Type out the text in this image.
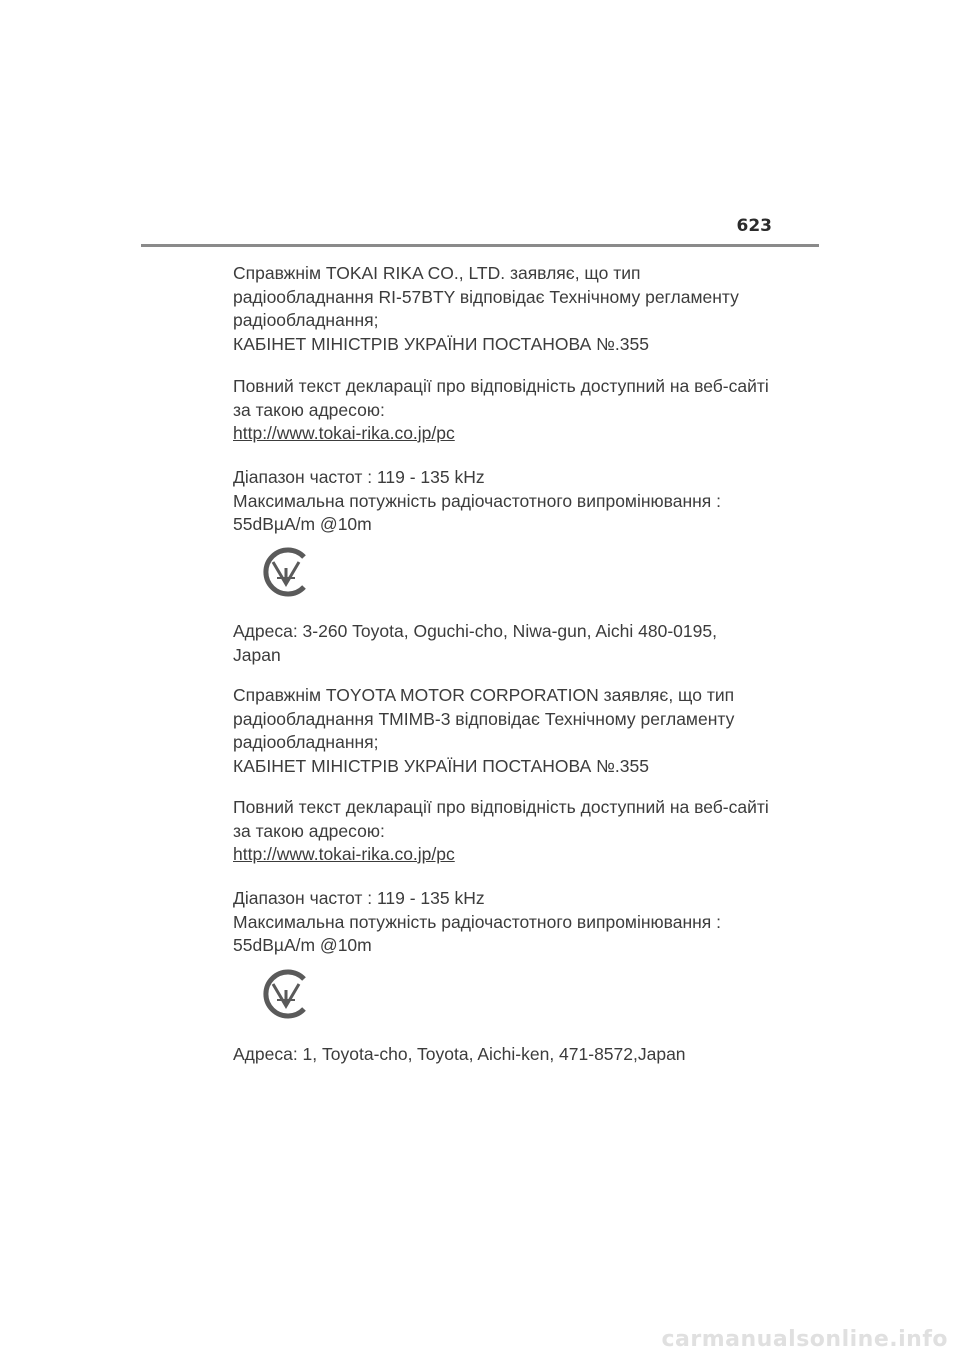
623
Справжнім TOKAI RIKA CO., LTD. заявляє, що тип
радіообладнання RI-57BTY відповідає Технічному регламенту
радіообладнання;
КАБІНЕТ МІНІСТРІВ УКРАЇНИ ПОСТАНОВА №.355
Повний текст декларації про відповідність доступний на веб-сайті
за такою адресою:
http://www.tokai-rika.co.jp/pc
Діапазон частот : 119 - 135 kHz
Максимальна потужність радіочастотного випромінювання :
55dBµA/m @10m
Адреса: 3-260 Toyota, Oguchi-cho, Niwa-gun, Aichi 480-0195,
Japan
Справжнім TOYOTA MOTOR CORPORATION заявляє, що тип
радіообладнання TMIMB-3 відповідає Технічному регламенту
радіообладнання;
КАБІНЕТ МІНІСТРІВ УКРАЇНИ ПОСТАНОВА №.355
Повний текст декларації про відповідність доступний на веб-сайті
за такою адресою:
http://www.tokai-rika.co.jp/pc
Діапазон частот : 119 - 135 kHz
Максимальна потужність радіочастотного випромінювання :
55dBµA/m @10m
Адреса: 1, Toyota-cho, Toyota, Aichi-ken, 471-8572,Japan
carmanualsonline.info
